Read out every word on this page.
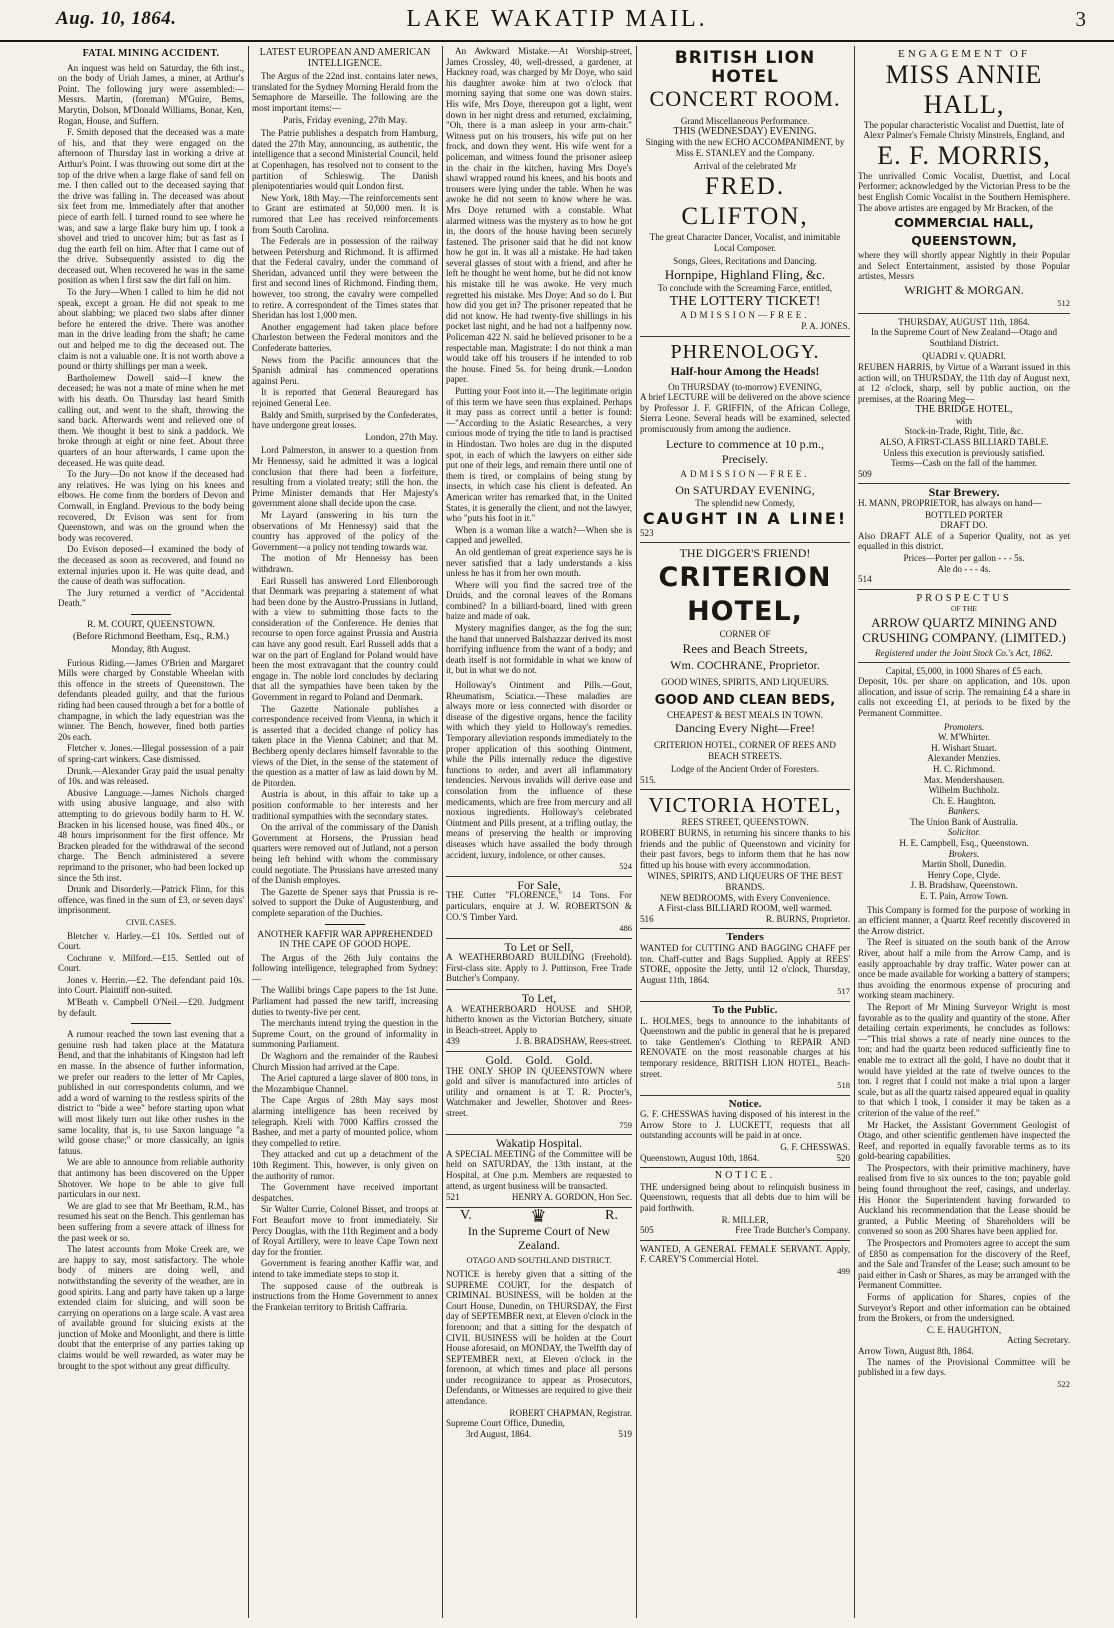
Aug. 10, 1864.	LAKE WAKATIP MAIL.	3
FATAL MINING ACCIDENT.

An inquest was held on Saturday, the 6th inst., on the body of Uriah James, a miner, at Arthur's Point. The following jury were assembled:—Messrs. Martin, (foreman) M'Guire, Bems, Marytin, Dolson, M'Donald Williams, Bonar, Ken, Rogan, House, and Suffern.

F. Smith deposed that the deceased was a mate of his, and that they were engaged on the afternoon of Thursday last in working a drive at Arthur's Point. I was throwing out some dirt at the top of the drive when a large flake of sand fell on me. I then called out to the deceased saying that the drive was falling in. The deceased was about six feet from me. Immediately after that another piece of earth fell. I turned round to see where he was, and saw a large flake bury him up. I took a shovel and tried to uncover him; but as fast as I dug the earth fell on him. After that I came out of the drive. Subsequently assisted to dig the deceased out. When recovered he was in the same position as when I first saw the dirt fall on him.

To the Jury—When I called to him he did not speak, except a groan. He did not speak to me about slabbing; we placed two slabs after dinner before he entered the drive. There was another man in the drive leading from the shaft; he came out and helped me to dig the deceased out. The claim is not a valuable one. It is not worth above a pound or thirty shillings per man a week.

Bartholemew Dowell said—I knew the deceased; he was not a mate of mine when he met with his death. On Thursday last heard Smith calling out, and went to the shaft, throwing the sand back. Afterwards went and relieved one of them. We thought it best to sink a paddock. We broke through at eight or nine feet. About three quarters of an hour afterwards, I came upon the deceased. He was quite dead.

To the Jury—Do not know if the deceased had any relatives. He was lying on his knees and elbows. He come from the borders of Devon and Cornwall, in England. Previous to the body being recovered, Dr Evison was sent for from Queenstown, and was on the ground when the body was recovered.

Do Evison deposed—I examined the body of the deceased as soon as recovered, and found no external injuries upon it. He was quite dead, and the cause of death was suffocation.

The Jury returned a verdict of "Accidental Death."

R. M. COURT, QUEENSTOWN.
(Before Richmond Beetham, Esq., R.M.)
Monday, 8th August.

Furious Riding.—James O'Brien and Margaret Mills were charged by Constable Wheelan with this offence in the streets of Queenstown. The defendants pleaded guilty, and that the furious riding had been caused through a bet for a bottle of champagne, in which the lady equestrian was the winner. The Bench, however, fined both parties 20s each.

Fletcher v. Jones.—Illegal possession of a pair of spring-cart winkers. Case dismissed.

Drunk.—Alexander Gray paid the usual penalty of 10s. and was released.

Abusive Language.—James Nichols charged with using abusive language, and also with attempting to do grievous bodily harm to H. W. Bracken in his licensed house, was fined 40s., or 48 hours imprisonment for the first offence. Mr Bracken pleaded for the withdrawal of the second charge. The Bench administered a severe reprimand to the prisoner, who had been locked up since the 5th inst.

Drunk and Disorderly.—Patrick Flinn, for this offence, was fined in the sum of £3, or seven days' imprisonment.

CIVIL CASES.

Bletcher v. Harley.—£1 10s. Settled out of Court.

Cochrane v. Milford.—£15. Settled out of Court.

Jones v. Herrin.—£2. The defendant paid 10s. into Court. Plaintiff non-suited.

M'Beath v. Campbell O'Neil.—£20. Judgment by default.

A rumour reached the town last evening that a genuine rush had taken place at the Matatura Bend, and that the inhabitants of Kingston had left en masse. In the absence of further information, we prefer our readers to the letter of Mr Caples, published in our correspondents column, and we add a word of warning to the restless spirits of the district to "bide a wee" before starting upon what will most likely turn out like other rushes in the same locality, that is, to use Saxon language "a wild goose chase;" or more classically, an ignis fatuus.

We are able to announce from reliable authority that antimony has been discovered on the Upper Shotover. We hope to be able to give full particulars in our next.

We are glad to see that Mr Beetham, R.M., has resumed his seat on the Bench. This gentleman has been suffering from a severe attack of illness for the past week or so.

The latest accounts from Moke Creek are, we are happy to say, most satisfactory. The whole body of miners are doing well, and notwithstanding the severity of the weather, are in good spirits. Lang and party have taken up a large extended claim for sluicing, and will soon be carrying on operations on a large scale. A vast area of available ground for sluicing exists at the junction of Moke and Moonlight, and there is little doubt that the enterprise of any parties taking up claims would be well rewarded, as water may be brought to the spot without any great difficulty.

LATEST EUROPEAN AND AMERICAN INTELLIGENCE.

The Argus of the 22nd inst. contains later news, translated for the Sydney Morning Herald from the Semaphore de Marseille. The following are the most important items:—

Paris, Friday evening, 27th May.

The Patrie publishes a despatch from Hamburg, dated the 27th May, announcing, as authentic, the intelligence that a second Ministerial Council, held at Copenhagen, has resolved not to consent to the partition of Schleswig. The Danish plenipotentiaries would quit London first.

New York, 18th May.—The reinforcements sent to Grant are estimated at 50,000 men. It is rumored that Lee has received reinforcements from South Carolina.

The Federals are in possession of the railway between Petersburg and Richmond. It is affirmed that the Federal cavalry, under the command of Sheridan, advanced until they were between the first and second lines of Richmond. Finding them, however, too strong, the cavalry were compelled to retire. A correspondent of the Times states that Sheridan has lost 1,000 men.

Another engagement had taken place before Charleston between the Federal monitors and the Confederate batteries.

News from the Pacific announces that the Spanish admiral has commenced operations against Peru.

It is reported that General Beauregard has rejoined General Lee.

Baldy and Smith, surprised by the Confederates, have undergone great losses.

London, 27th May.

Lord Palmerston, in answer to a question from Mr Hennessy, said he admitted it was a logical conclusion that there had been a forfeiture, resulting from a violated treaty; still the hon. the Prime Minister demands that Her Majesty's government alone shall decide upon the case.

Mr Layard (answering in his turn the observations of Mr Hennessy) said that the country has approved of the policy of the Government—a policy not tending towards war.

The motion of Mr Hennessy has been withdrawn.

Earl Russell has answered Lord Ellenborough that Denmark was preparing a statement of what had been done by the Austro-Prussians in Jutland, with a view to submitting those facts to the consideration of the Conference. He denies that recourse to open force against Prussia and Austria can have any good result. Earl Russell adds that a war on the part of England for Poland would have been the most extravagant that the country could engage in. The noble lord concludes by declaring that all the sympathies have been taken by the Government in regard to Poland and Denmark.

The Gazette Nationale publishes a correspondence received from Vienna, in which it is asserted that a decided change of policy has taken place in the Vienna Cabinet; and that M. Bechberg openly declares himself favorable to the views of the Diet, in the sense of the statement of the question as a matter of law as laid down by M. de Pitorden.

Austria is about, in this affair to take up a position conformable to her interests and her traditional sympathies with the secondary states.

On the arrival of the commissary of the Danish Government at Horsens, the Prussian head quarters were removed out of Jutland, not a person being left behind with whom the commissary could negotiate. The Prussians have arrested many of the Danish employes.

The Gazette de Spener says that Prussia is re-solved to support the Duke of Augustenburg, and complete separation of the Duchies.

ANOTHER KAFFIR WAR APPREHENDED IN THE CAPE OF GOOD HOPE.

The Argus of the 26th July contains the following intelligence, telegraphed from Sydney:—

The Wallibi brings Cape papers to the 1st June. Parliament had passed the new tariff, increasing duties to twenty-five per cent.

The merchants intend trying the question in the Supreme Court, on the ground of informality in summoning Parliament.

Dr Waghorn and the remainder of the Raubesi Church Mission had arrived at the Cape.

The Ariel captured a large slaver of 800 tons, in the Mozambique Channel.

The Cape Argus of 28th May says most alarming intelligence has been received by telegraph. Kreli with 7000 Kaffirs crossed the Bashee, and met a party of mounted police, whom they compelled to retire.

They attacked and cut up a detachment of the 10th Regiment. This, however, is only given on the authority of rumor.

The Government have received important despatches.

Sir Walter Currie, Colonel Bisset, and troops at Fort Beaufort move to front immediately. Sir Percy Douglas, with the 11th Regiment and a body of Royal Artillery, were to leave Cape Town next day for the frontier.

Government is fearing another Kaffir war, and intend to take immediate steps to stop it.

The supposed cause of the outbreak is instructions from the Home Government to annex the Frankeian territory to British Caffraria.

An Awkward Mistake.—At Worship-street, James Crossley, 40, well-dressed, a gardener, at Hackney road, was charged by Mr Doye, who said his daughter awoke him at two o'clock that morning saying that some one was down stairs. His wife, Mrs Doye, thereupon got a light, went down in her night dress and returned, exclaiming, "Oh, there is a man asleep in your arm-chair." Witness put on his trousers, his wife put on her frock, and down they went. His wife went for a policeman, and witness found the prisoner asleep in the chair in the kitchen, having Mrs Doye's shawl wrapped round his knees, and his boots and trousers were lying under the table. When he was awoke he did not seem to know where he was. Mrs Doye returned with a constable. What alarmed witness was the mystery as to how he got in, the doors of the house having been securely fastened. The prisoner said that he did not know how he got in. It was all a mistake. He had taken several glasses of stout with a friend, and after he left he thought he went home, but he did not know his mistake till he was awoke. He very much regretted his mistake. Mrs Doye: And so do I. But how did you get in? The prisoner repeated that he did not know. He had twenty-five shillings in his pocket last night, and he had not a halfpenny now. Policeman 422 N. said he believed prisoner to be a respectable man. Magistrate: I do not think a man would take off his trousers if he intended to rob the house. Fined 5s. for being drunk.—London paper.

Putting your Foot into it.—The legitimate origin of this term we have seen thus explained. Perhaps it may pass as correct until a better is found:—"According to the Asiatic Researches, a very curious mode of trying the title to land is practised in Hindostan. Two holes are dug in the disputed spot, in each of which the lawyers on either side put one of their legs, and remain there until one of them is tired, or complains of being stung by insects, in which case his client is defeated. An American writer has remarked that, in the United States, it is generally the client, and not the lawyer, who "puts his foot in it."

When is a woman like a watch?—When she is capped and jewelled.

An old gentleman of great experience says he is never satisfied that a lady understands a kiss unless he has it from her own mouth.

Where will you find the sacred tree of the Druids, and the coronal leaves of the Romans combined? In a billiard-board, lined with green baize and made of oak.

Mystery magnifies danger, as the fog the sun; the hand that unnerved Balshazzar derived its most horrifying influence from the want of a body; and death itself is not formidable in what we know of it, but in what we do not.

Holloway's Ointment and Pills.—Gout, Rheumatism, Sciatica.—These maladies are always more or less connected with disorder or disease of the digestive organs, hence the facility with which they yield to Holloway's remedies. Temporary alleviation responds immediately to the proper application of this soothing Ointment, while the Pills internally reduce the digestive functions to order, and avert all inflammatory tendencies. Nervous invalids will derive ease and consolation from the influence of these medicaments, which are free from mercury and all noxious ingredients. Holloway's celebrated Ointment and Pills present, at a trifling outlay, the means of preserving the health or improving diseases which have assailed the body through accident, luxury, indolence, or other causes.

524
For Sale,

THE Cutter "FLORENCE," 14 Tons. For particulars, enquire at J. W. ROBERTSON & CO.'S Timber Yard.

486
To Let or Sell,

A WEATHERBOARD BUILDING (Freehold). First-class site. Apply to J. Puttinson, Free Trade Butcher's Company.

To Let,

A WEATHERBOARD HOUSE and SHOP, hitherto known as the Victorian Butchery, situate in Beach-street. Apply to

439	J. B. BRADSHAW, Rees-street.
Gold. Gold. Gold.

THE ONLY SHOP IN QUEENSTOWN where gold and silver is manufactured into articles of utility and ornament is at T. R. Procter's, Watchmaker and Jeweller, Shotover and Rees-street.

759
Wakatip Hospital.

A SPECIAL MEETING of the Committee will be held on SATURDAY, the 13th instant, at the Hospital, at One p.m. Members are requested to attend, as urgent business will be transacted.

521	HENRY A. GORDON, Hon Sec.
V.	♛	R.
In the Supreme Court of New Zealand.
OTAGO AND SOUTHLAND DISTRICT.

NOTICE is hereby given that a sitting of the SUPREME COURT, for the despatch of CRIMINAL BUSINESS, will be holden at the Court House, Dunedin, on THURSDAY, the First day of SEPTEMBER next, at Eleven o'clock in the forenoon; and that a sitting for the despatch of CIVIL BUSINESS will be holden at the Court House aforesaid, on MONDAY, the Twelfth day of SEPTEMBER next, at Eleven o'clock in the forenoon, at which times and place all persons under recognizance to appear as Prosecutors, Defendants, or Witnesses are required to give their attendance.

ROBERT CHAPMAN, Registrar.
Supreme Court Office, Dunedin,
3rd August, 1864.	519
BRITISH LION HOTEL
CONCERT ROOM.
Grand Miscellaneous Performance.
THIS (WEDNESDAY) EVENING.
Singing with the new ECHO ACCOMPANIMENT, by Miss E. STANLEY and the Company.
Arrival of the celebrated Mr
FRED. CLIFTON,
The great Character Dancer, Vocalist, and inimitable Local Composer.
Songs, Glees, Recitations and Dancing.
Hornpipe, Highland Fling, &c.
To conclude with the Screaming Farce, entitled,
THE LOTTERY TICKET!
ADMISSION—FREE.
P. A. JONES.
PHRENOLOGY.
Half-hour Among the Heads!
On THURSDAY (to-morrow) EVENING,

A brief LECTURE will be delivered on the above science by Professor J. F. GRIFFIN, of the African College, Sierra Leone. Several heads will be examined, selected promiscuously from among the audience.

Lecture to commence at 10 p.m., Precisely.
ADMISSION—FREE.
On SATURDAY EVENING,
The splendid new Comedy,
CAUGHT IN A LINE!
523
THE DIGGER'S FRIEND!
CRITERION HOTEL,
CORNER OF
Rees and Beach Streets,
Wm. COCHRANE, Proprietor.
GOOD WINES, SPIRITS, AND LIQUEURS.
GOOD AND CLEAN BEDS,
CHEAPEST & BEST MEALS IN TOWN.
Dancing Every Night—Free!
CRITERION HOTEL, CORNER OF REES AND BEACH STREETS.
Lodge of the Ancient Order of Foresters.
515.
VICTORIA HOTEL,
REES STREET, QUEENSTOWN.

ROBERT BURNS, in returning his sincere thanks to his friends and the public of Queenstown and vicinity for their past favors, begs to inform them that he has now fitted up his house with every accommodation.

WINES, SPIRITS, AND LIQUEURS OF THE BEST BRANDS.
NEW BEDROOMS, with Every Convenience.
A First-class BILLIARD ROOM, well warmed.
516	R. BURNS, Proprietor.
Tenders

WANTED for CUTTING AND BAGGING CHAFF per ton. Chaff-cutter and Bags Supplied. Apply at REES' STORE, opposite the Jetty, until 12 o'clock, Thursday, August 11th, 1864.

517
To the Public.

L. HOLMES, begs to announce to the inhabitants of Queenstown and the public in general that he is prepared to take Gentlemen's Clothing to REPAIR AND RENOVATE on the most reasonable charges at his temporary residence, BRITISH LION HOTEL, Beach-street.

518
Notice.

G. F. CHESSWAS having disposed of his interest in the Arrow Store to J. LUCKETT, requests that all outstanding accounts will be paid in at once.

G. F. CHESSWAS.
Queenstown, August 10th, 1864.	520
NOTICE.

THE undersigned being about to relinquish business in Queenstown, requests that all debts due to him will be paid forthwith.

R. MILLER,
505	Free Trade Butcher's Company.

WANTED, A GENERAL FEMALE SERVANT. Apply, F. CAREY'S Commercial Hotel.

499
ENGAGEMENT OF
MISS ANNIE HALL,
The popular characteristic Vocalist and Duettist, late of Alexr Palmer's Female Christy Minstrels, England, and
E. F. MORRIS,

The unrivalled Comic Vocalist, Duettist, and Local Performer; acknowledged by the Victorian Press to be the best English Comic Vocalist in the Southern Hemisphere. The above artistes are engaged by Mr Bracken, of the

COMMERCIAL HALL, QUEENSTOWN,

where they will shortly appear Nightly in their Popular and Select Entertainment, assisted by those Popular artistes, Messrs

WRIGHT & MORGAN.
512
THURSDAY, AUGUST 11th, 1864.
In the Supreme Court of New Zealand—Otago and Southland District.
QUADRI v. QUADRI.

REUBEN HARRIS, by Virtue of a Warrant issued in this action will, on THURSDAY, the 11th day of August next, at 12 o'clock, sharp, sell by public auction, on the premises, at the Roaring Meg—

THE BRIDGE HOTEL,
with
Stock-in-Trade, Right, Title, &c.
ALSO, A FIRST-CLASS BILLIARD TABLE.
Unless this execution is previously satisfied.
Terms—Cash on the fall of the hammer.
509
Star Brewery.

H. MANN, PROPRIETOR, has always on hand—

BOTTLED PORTER
DRAFT DO.

Also DRAFT ALE of a Superior Quality, not as yet equalled in this district.

Prices—Porter per gallon - - - 5s.
Ale do - - - 4s.
514
PROSPECTUS
OF THE
ARROW QUARTZ MINING AND CRUSHING COMPANY. (LIMITED.)
Registered under the Joint Stock Co.'s Act, 1862.
Capital, £5,000, in 1000 Shares of £5 each.

Deposit, 10s. per share on application, and 10s. upon allocation, and issue of scrip. The remaining £4 a share in calls not exceeding £1, at periods to be fixed by the Permanent Committee.

Promoters.
W. M'Whirter.
H. Wishart Stuart.
Alexander Menzies.
H. C. Richmond.
Max. Mendershausen.
Wilhelm Buchholz.
Ch. E. Haughton.
Bankers.
The Union Bank of Australia.
Solicitor.
H. E. Campbell, Esq., Queenstown.
Brokers.
Martin Sholl, Dunedin.
Henry Cope, Clyde.
J. B. Bradshaw, Queenstown.
E. T. Pain, Arrow Town.

This Company is formed for the purpose of working in an efficient manner, a Quartz Reef recently discovered in the Arrow district.

The Reef is situated on the south bank of the Arrow River, about half a mile from the Arrow Camp, and is easily approachable by dray traffic. Water power can at once be made available for working a battery of stampers; thus avoiding the enormous expense of procuring and working steam machinery.

The Report of Mr Mining Surveyor Wright is most favorable as to the quality and quantity of the stone. After detailing certain experiments, he concludes as follows:—"This trial shows a rate of nearly nine ounces to the ton; and had the quartz been reduced sufficiently fine to enable me to extract all the gold, I have no doubt that it would have yielded at the rate of twelve ounces to the ton. I regret that I could not make a trial upon a larger scale, but as all the quartz raised appeared equal in quality to that which I took, I consider it may be taken as a criterion of the value of the reef."

Mr Hacket, the Assistant Government Geologist of Otago, and other scientific gentlemen have inspected the Reef, and reported in equally favorable terms as to its gold-bearing capabilities.

The Prospectors, with their primitive machinery, have realised from five to six ounces to the ton; payable gold being found throughout the reef, casings, and underlay. His Honor the Superintendent having forwarded to Auckland his recommendation that the Lease should be granted, a Public Meeting of Shareholders will be convened so soon as 200 Shares have been applied for.

The Prospectors and Promoters agree to accept the sum of £850 as compensation for the discovery of the Reef, and the Sale and Transfer of the Lease; such amount to be paid either in Cash or Shares, as may be arranged with the Permanent Committee.

Forms of application for Shares, copies of the Surveyor's Report and other information can be obtained from the Brokers, or from the undersigned.

C. E. HAUGHTON,
Acting Secretary.
Arrow Town, August 8th, 1864.

The names of the Provisional Committee will be published in a few days.

522
